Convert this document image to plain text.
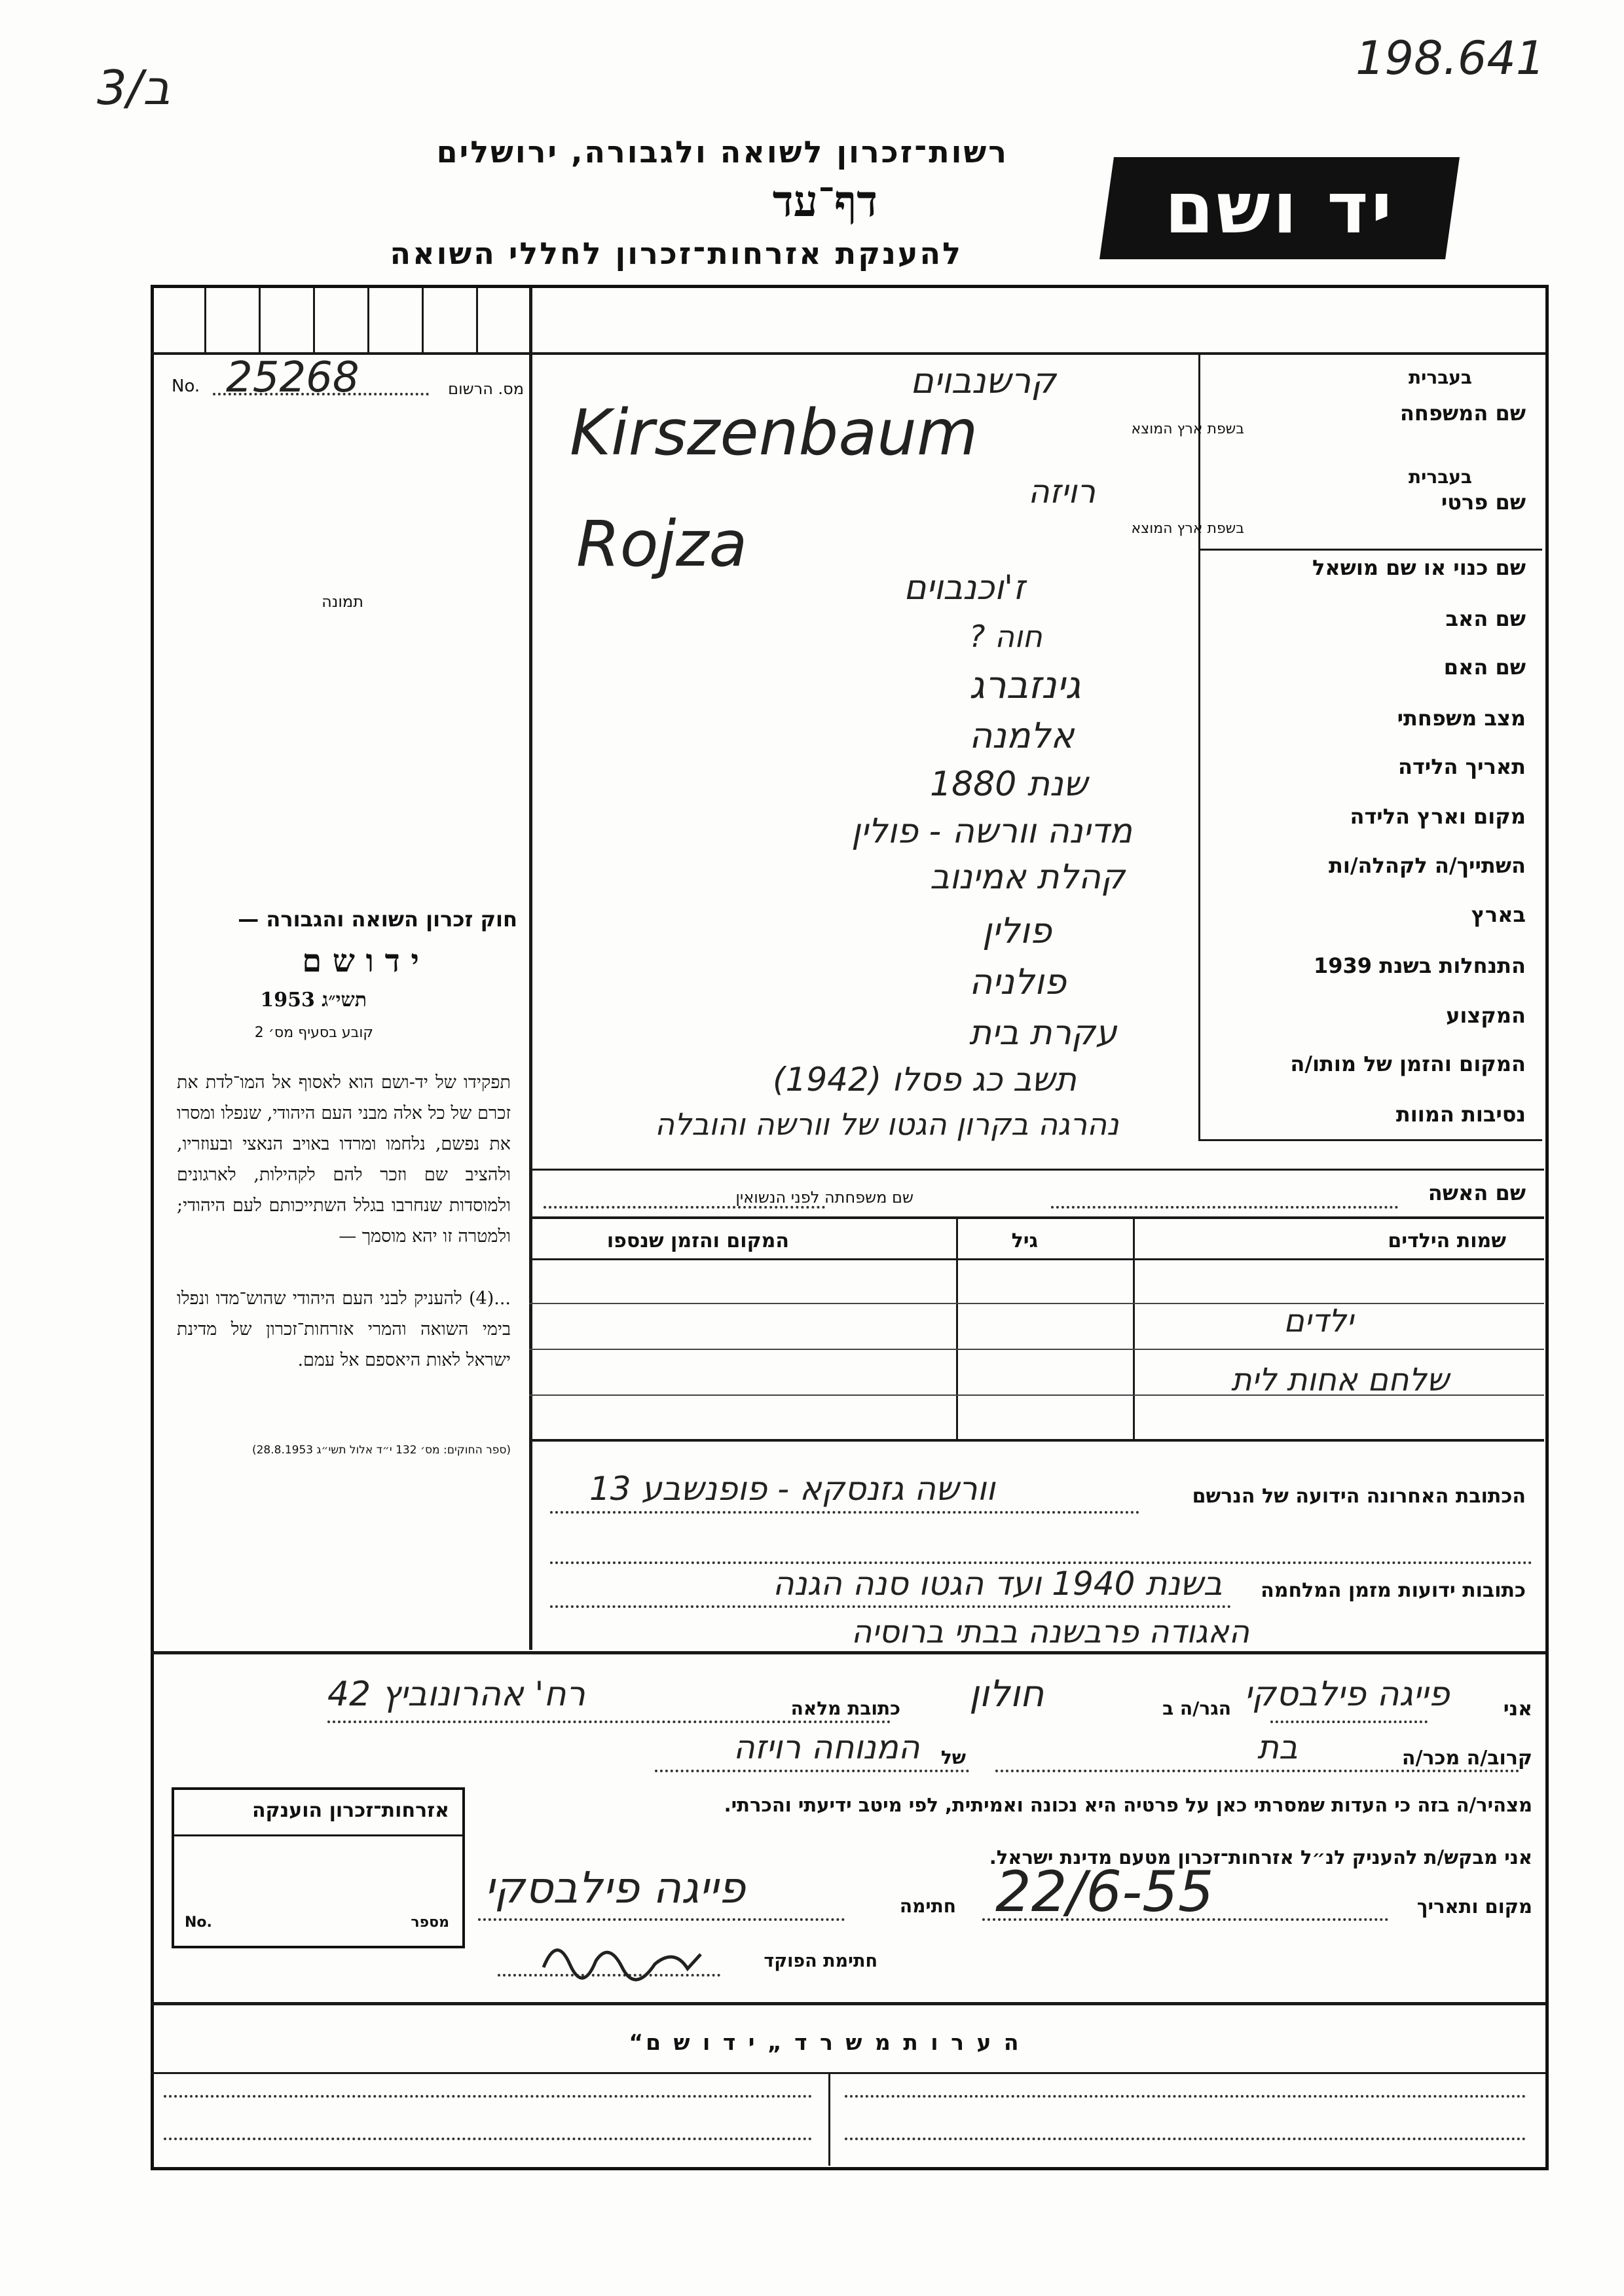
3/ב
198.641
רשות־זכרון לשואה ולגבורה, ירושלים
דף־עד
להענקת אזרחות־זכרון לחללי השואה
יד ושם
No. 25268	מס. הרשום
תמונה
חוק זכרון השואה והגבורה —
י ד ו ש ם
תשי״ג 1953
קובע בסעיף מס׳ 2
תפקידו של יד-ושם הוא לאסוף אל המו־לדת את זכרם של כל אלה מבני העם היהודי, שנפלו ומסרו את נפשם, נלחמו ומרדו באויב הנאצי ובעוזריו, ולהציב שם וזכר להם לקהילות, לארגונים ולמוסדות שנחרבו בגלל השתייכותם לעם היהודי; ולמטרה זו יהא מוסמך —
...(4) להעניק לבני העם היהודי שהוש־מדו ונפלו בימי השואה והמרי אזרחות־זכרון של מדינת ישראל לאות היאספם אל עמם.
(ספר החוקים: מס׳ 132 י״ד אלול תשי״ג 28.8.1953)
שם המשפחה
בעברית
בשפת ארץ המוצא
שם פרטי
בעברית
בשפת ארץ המוצא
שם כנוי או שם מושאל
שם האב
שם האם
מצב משפחתי
תאריך הלידה
מקום וארץ הלידה
השתייך/ה לקהלה/ות
בארץ
התנחלות בשנת 1939
המקצוע
המקום והזמן של מותו/ה
נסיבות המוות
קרשנבוים
Kirszenbaum
רויזה
Rojza
ז'וכנבוים
חוה ?
גינזברג
אלמנה
שנת 1880
מדינה וורשה - פולין
קהלת אמינוב
פולין
פולניה
עקרת בית
תשב כג פסלו (1942)
נהרגה בקרון הגטו של וורשה והובלה
שם האשה
שם משפחתה לפני הנשואין
שמות הילדים
גיל
המקום והזמן שנספו
ילדים
שלחם אחות לית
הכתובת האחרונה הידועה של הנרשם
וורשה גזנסקא - פופנשבע 13
כתובות ידועות מזמן המלחמה
בשנת 1940 ועד הגטו סנה הגנה
האגודה פרבשנה בבתי ברוסיה
אני
פייגה פילבסקי
הגר/ה ב
חולון
כתובת מלאה
רח' אהרונוביץ 42
קרוב/ה מכר/ה
בת
של
המנוחה רויזה
מצהיר/ה בזה כי העדות שמסרתי כאן על פרטיה היא נכונה ואמיתית, לפי מיטב ידיעתי והכרתי.
אני מבקש/ת להעניק לנ״ל אזרחות־זכרון מטעם מדינת ישראל.
מקום ותאריך
22/6-55
חתימה
פייגה פילבסקי
חתימת הפוקד
אזרחות־זכרון הוענקה
No.	מספר
ה ע ר ו ת מ ש ר ד „ י ד ו ש ם“
